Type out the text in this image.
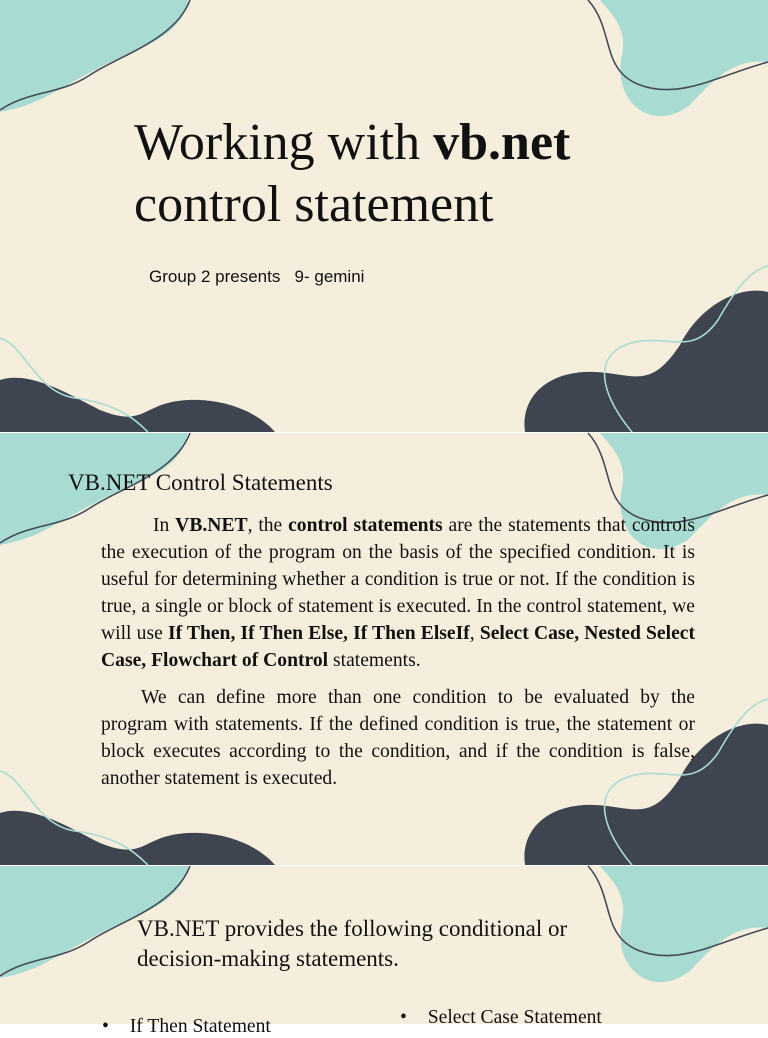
Working with vb.net
control statement
Group 2 presents   9- gemini
VB.NET Control Statements

In VB.NET, the control statements are the statements that controls the execution of the program on the basis of the specified condition. It is useful for determining whether a condition is true or not. If the condition is true, a single or block of statement is executed. In the control statement, we will use If Then, If Then Else, If Then ElseIf, Select Case, Nested Select Case, Flowchart of Control statements.

We can define more than one condition to be evaluated by the program with statements. If the defined condition is true, the statement or block executes according to the condition, and if the condition is false, another statement is executed.

VB.NET provides the following conditional or decision-making statements.
• If Then Statement	• Select Case Statement
